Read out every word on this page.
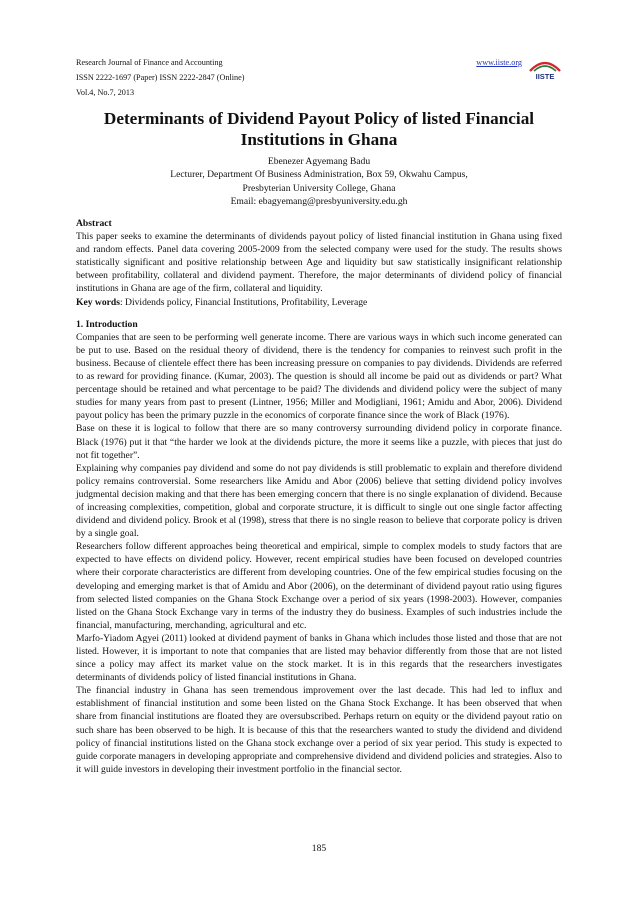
Research Journal of Finance and Accounting
ISSN 2222-1697 (Paper) ISSN 2222-2847 (Online)
Vol.4, No.7, 2013
www.iiste.org
IISTE
Determinants of Dividend Payout Policy of listed Financial Institutions in Ghana
Ebenezer Agyemang Badu
Lecturer, Department Of Business Administration, Box 59, Okwahu Campus,
Presbyterian University College, Ghana
Email: ebagyemang@presbyuniversity.edu.gh
Abstract
This paper seeks to examine the determinants of dividends payout policy of listed financial institution in Ghana using fixed and random effects. Panel data covering 2005-2009 from the selected company were used for the study. The results shows statistically significant and positive relationship between Age and liquidity but saw statistically insignificant relationship between profitability, collateral and dividend payment. Therefore, the major determinants of dividend policy of financial institutions in Ghana are age of the firm, collateral and liquidity.
Key words: Dividends policy, Financial Institutions, Profitability, Leverage
1. Introduction
Companies that are seen to be performing well generate income. There are various ways in which such income generated can be put to use. Based on the residual theory of dividend, there is the tendency for companies to reinvest such profit in the business. Because of clientele effect there has been increasing pressure on companies to pay dividends. Dividends are referred to as reward for providing finance. (Kumar, 2003). The question is should all income be paid out as dividends or part? What percentage should be retained and what percentage to be paid? The dividends and dividend policy were the subject of many studies for many years from past to present (Lintner, 1956; Miller and Modigliani, 1961; Amidu and Abor, 2006). Dividend payout policy has been the primary puzzle in the economics of corporate finance since the work of Black (1976).
Base on these it is logical to follow that there are so many controversy surrounding dividend policy in corporate finance. Black (1976) put it that “the harder we look at the dividends picture, the more it seems like a puzzle, with pieces that just do not fit together”.
Explaining why companies pay dividend and some do not pay dividends is still problematic to explain and therefore dividend policy remains controversial. Some researchers like Amidu and Abor (2006) believe that setting dividend policy involves judgmental decision making and that there has been emerging concern that there is no single explanation of dividend. Because of increasing complexities, competition, global and corporate structure, it is difficult to single out one single factor affecting dividend and dividend policy. Brook et al (1998), stress that there is no single reason to believe that corporate policy is driven by a single goal.
Researchers follow different approaches being theoretical and empirical, simple to complex models to study factors that are expected to have effects on dividend policy. However, recent empirical studies have been focused on developed countries where their corporate characteristics are different from developing countries. One of the few empirical studies focusing on the developing and emerging market is that of Amidu and Abor (2006), on the determinant of dividend payout ratio using figures from selected listed companies on the Ghana Stock Exchange over a period of six years (1998-2003). However, companies listed on the Ghana Stock Exchange vary in terms of the industry they do business. Examples of such industries include the financial, manufacturing, merchanding, agricultural and etc.
Marfo-Yiadom Agyei (2011) looked at dividend payment of banks in Ghana which includes those listed and those that are not listed. However, it is important to note that companies that are listed may behavior differently from those that are not listed since a policy may affect its market value on the stock market. It is in this regards that the researchers investigates determinants of dividends policy of listed financial institutions in Ghana.
The financial industry in Ghana has seen tremendous improvement over the last decade. This had led to influx and establishment of financial institution and some been listed on the Ghana Stock Exchange. It has been observed that when share from financial institutions are floated they are oversubscribed. Perhaps return on equity or the dividend payout ratio on such share has been observed to be high. It is because of this that the researchers wanted to study the dividend and dividend policy of financial institutions listed on the Ghana stock exchange over a period of six year period. This study is expected to guide corporate managers in developing appropriate and comprehensive dividend and dividend policies and strategies. Also to it will guide investors in developing their investment portfolio in the financial sector.
185
